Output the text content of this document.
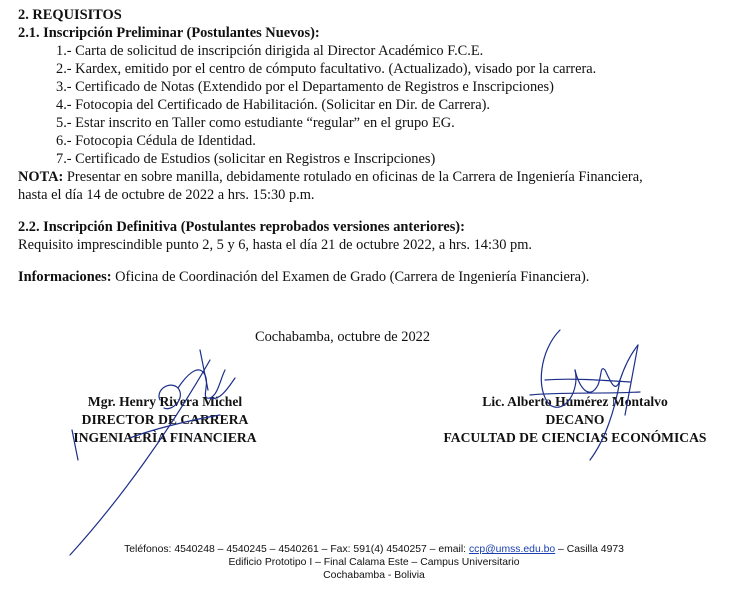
2. REQUISITOS
2.1. Inscripción Preliminar (Postulantes Nuevos):
1.- Carta de solicitud de inscripción dirigida al Director Académico F.C.E.
2.- Kardex, emitido por el centro de cómputo facultativo. (Actualizado), visado por la carrera.
3.- Certificado de Notas (Extendido por el Departamento de Registros e Inscripciones)
4.- Fotocopia del Certificado de Habilitación. (Solicitar en Dir. de Carrera).
5.- Estar inscrito en Taller como estudiante “regular” en el grupo EG.
6.- Fotocopia Cédula de Identidad.
7.- Certificado de Estudios (solicitar en Registros e Inscripciones)
NOTA: Presentar en sobre manilla, debidamente rotulado en oficinas de la Carrera de Ingeniería Financiera,
hasta el día 14 de octubre de 2022 a hrs. 15:30 p.m.
2.2. Inscripción Definitiva (Postulantes reprobados versiones anteriores):
Requisito imprescindible punto 2, 5 y 6, hasta el día 21 de octubre 2022, a hrs. 14:30 pm.
Informaciones: Oficina de Coordinación del Examen de Grado (Carrera de Ingeniería Financiera).
Cochabamba, octubre de 2022
Mgr. Henry Rivera Michel
DIRECTOR DE CARRERA
INGENIAERÌA FINANCIERA
Lic. Alberto Humérez Montalvo
DECANO
FACULTAD DE CIENCIAS ECONÓMICAS
Teléfonos: 4540248 – 4540245 – 4540261 – Fax: 591(4) 4540257 – email: ccp@umss.edu.bo – Casilla 4973
Edificio Prototipo I – Final Calama Este – Campus Universitario
Cochabamba - Bolivia
